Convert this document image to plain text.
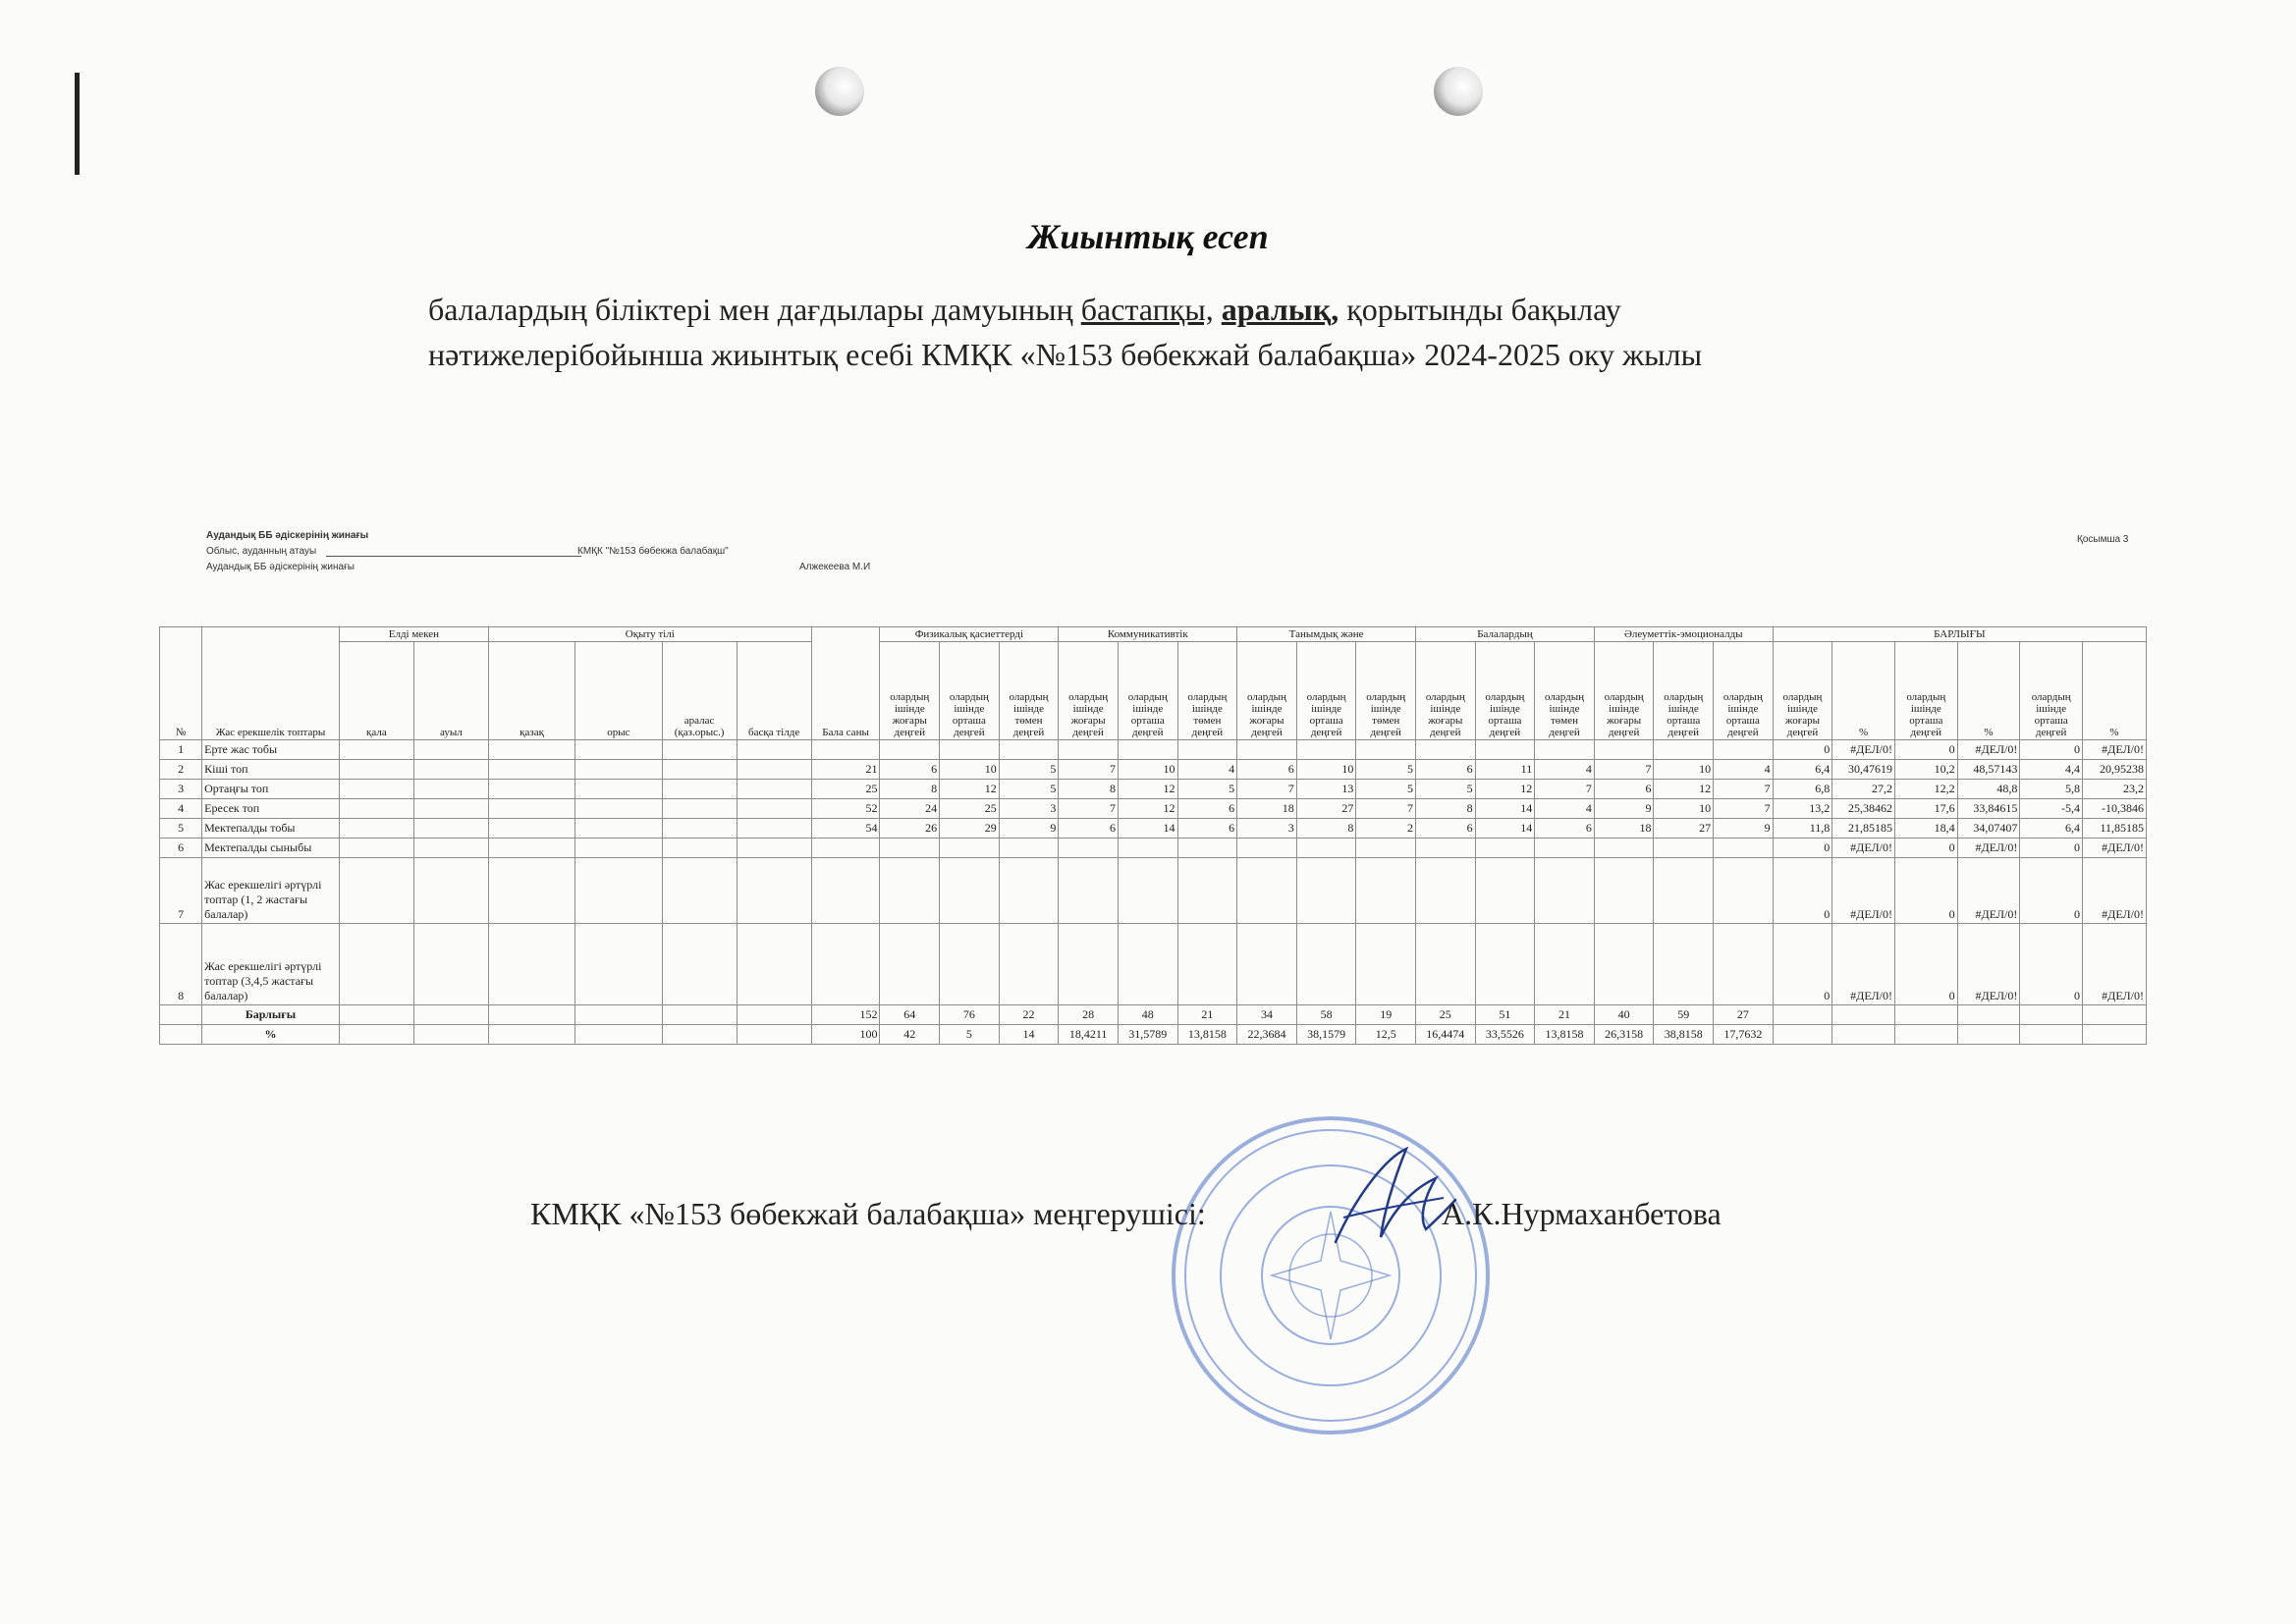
Жиынтық есеп
балалардың біліктері мен дағдылары дамуының бастапқы, аралық, қорытынды бақылау нәтижелерібойынша жиынтық есебі КМҚК «№153 бөбекжай балабақша» 2024-2025 оку жылы
Аудандық ББ әдіскерінің жинағы
Облыс, ауданның атауы	КМҚК "№153 бөбекжа балабақш"
Аудандық ББ әдіскерінің жинағы	Алжекеева М.И
Қосымша 3
№	Жас ерекшелік топтары	Елді мекен		Оқыту тілі				Бала саны	Физикалық қасиеттерді			Коммуникативтік			Танымдық және			Балалардың			Әлеуметтік-эмоционалды			БАРЛЫҒЫ					
		қала	ауыл	қазақ	орыс	аралас (қаз.орыс.)	басқа тілде		олардың ішінде жоғары деңгей	олардың ішінде орташа деңгей	олардың ішінде төмен деңгей	олардың ішінде жоғары деңгей	олардың ішінде орташа деңгей	олардың ішінде төмен деңгей	олардың ішінде жоғары деңгей	олардың ішінде орташа деңгей	олардың ішінде төмен деңгей	олардың ішінде жоғары деңгей	олардың ішінде орташа деңгей	олардың ішінде төмен деңгей	олардың ішінде жоғары деңгей	олардың ішінде орташа деңгей	олардың ішінде орташа деңгей	олардың ішінде жоғары деңгей	%	олардың ішінде орташа деңгей	%	олардың ішінде орташа деңгей	%
1	Ерте жас тобы																							0	#ДЕЛ/0!	0	#ДЕЛ/0!	0	#ДЕЛ/0!
2	Кіші топ							21	6	10	5	7	10	4	6	10	5	6	11	4	7	10	4	6,4	30,47619	10,2	48,57143	4,4	20,95238
3	Ортаңғы топ							25	8	12	5	8	12	5	7	13	5	5	12	7	6	12	7	6,8	27,2	12,2	48,8	5,8	23,2
4	Ересек топ							52	24	25	3	7	12	6	18	27	7	8	14	4	9	10	7	13,2	25,38462	17,6	33,84615	-5,4	-10,3846
5	Мектепалды тобы							54	26	29	9	6	14	6	3	8	2	6	14	6	18	27	9	11,8	21,85185	18,4	34,07407	6,4	11,85185
6	Мектепалды сыныбы																							0	#ДЕЛ/0!	0	#ДЕЛ/0!	0	#ДЕЛ/0!
7	Жас ерекшелігі әртүрлі топтар (1, 2 жастағы балалар)																							0	#ДЕЛ/0!	0	#ДЕЛ/0!	0	#ДЕЛ/0!
8	Жас ерекшелігі әртүрлі топтар (3,4,5 жастағы балалар)																							0	#ДЕЛ/0!	0	#ДЕЛ/0!	0	#ДЕЛ/0!
	Барлығы							152	64	76	22	28	48	21	34	58	19	25	51	21	40	59	27						
	%							100	42	5	14	18,4211	31,5789	13,8158	22,3684	38,1579	12,5	16,4474	33,5526	13,8158	26,3158	38,8158	17,7632						
КМҚК «№153 бөбекжай балабақша» меңгерушісі:	А.К.Нурмаханбетова
